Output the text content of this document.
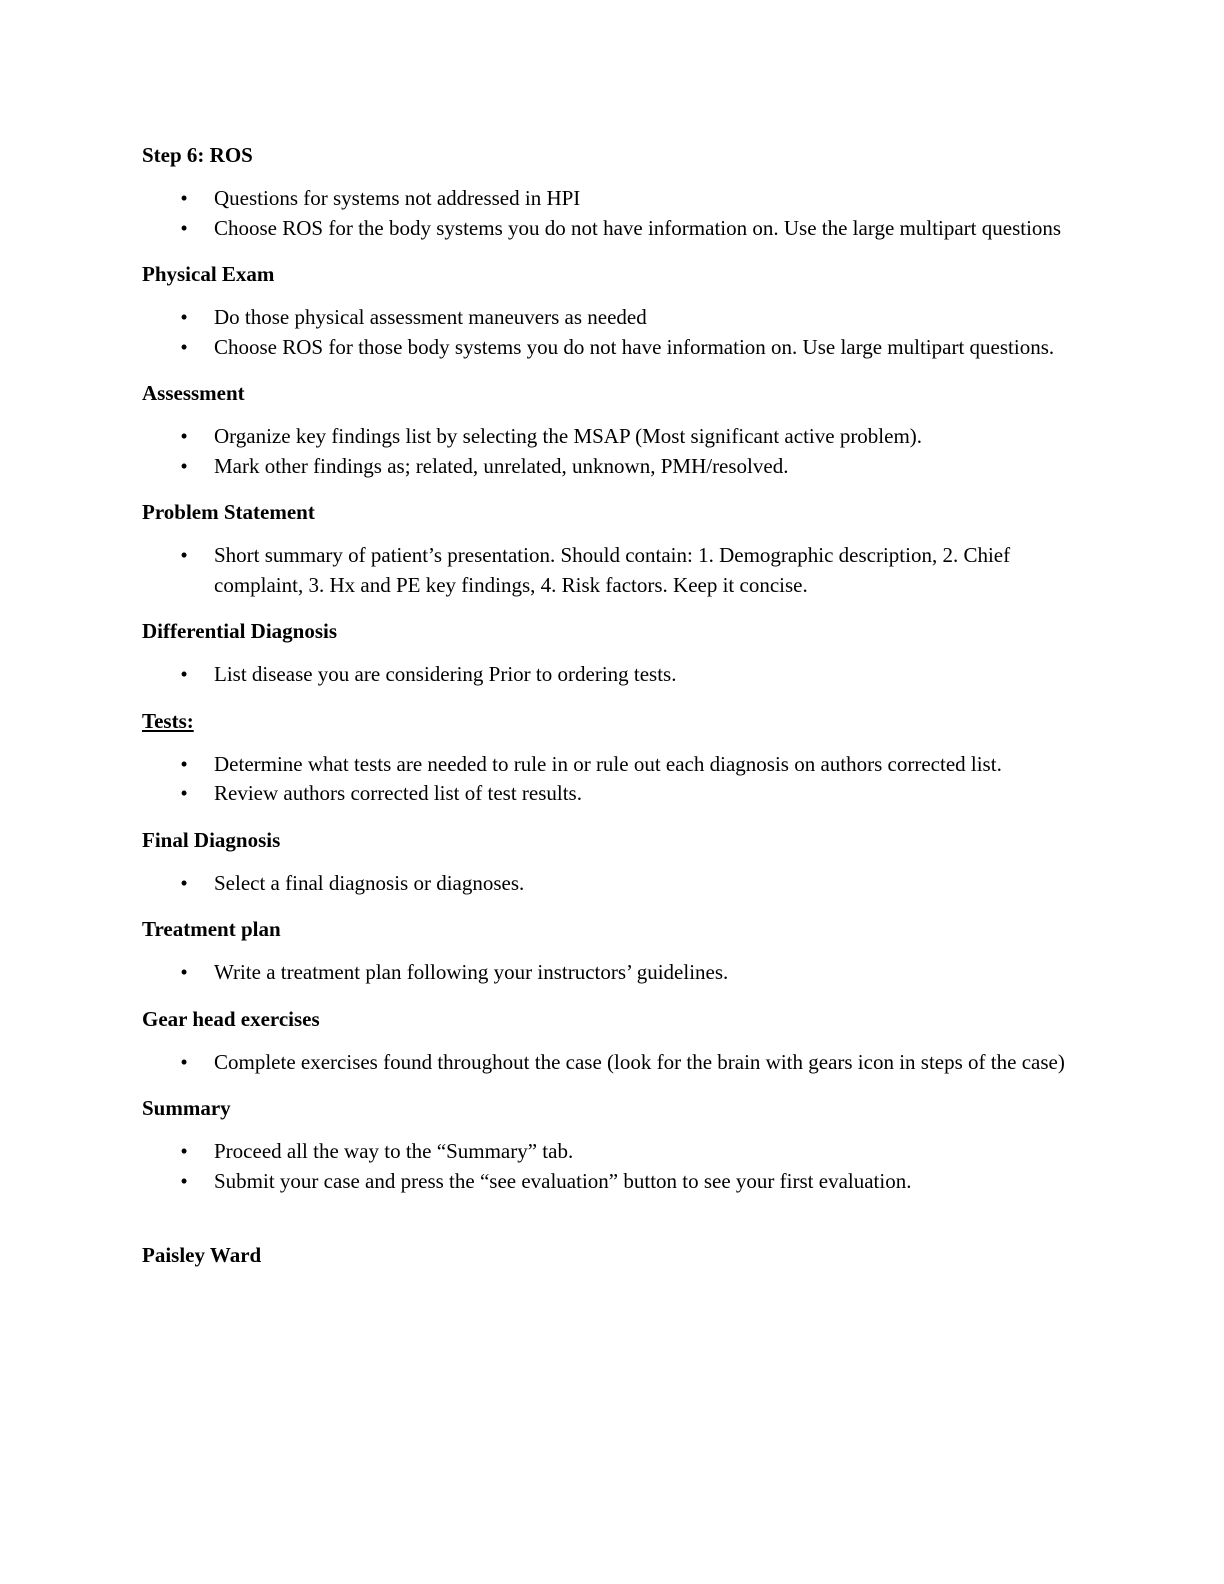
Step 6: ROS
• Questions for systems not addressed in HPI
• Choose ROS for the body systems you do not have information on. Use the large multipart questions
Physical Exam
• Do those physical assessment maneuvers as needed
• Choose ROS for those body systems you do not have information on. Use large multipart questions.
Assessment
• Organize key findings list by selecting the MSAP (Most significant active problem).
• Mark other findings as; related, unrelated, unknown, PMH/resolved.
Problem Statement
• Short summary of patient’s presentation. Should contain: 1. Demographic description, 2. Chief complaint, 3. Hx and PE key findings, 4. Risk factors. Keep it concise.
Differential Diagnosis
• List disease you are considering Prior to ordering tests.
Tests:
• Determine what tests are needed to rule in or rule out each diagnosis on authors corrected list.
• Review authors corrected list of test results.
Final Diagnosis
• Select a final diagnosis or diagnoses.
Treatment plan
• Write a treatment plan following your instructors’ guidelines.
Gear head exercises
• Complete exercises found throughout the case (look for the brain with gears icon in steps of the case)
Summary
• Proceed all the way to the “Summary” tab.
• Submit your case and press the “see evaluation” button to see your first evaluation.
Paisley Ward
